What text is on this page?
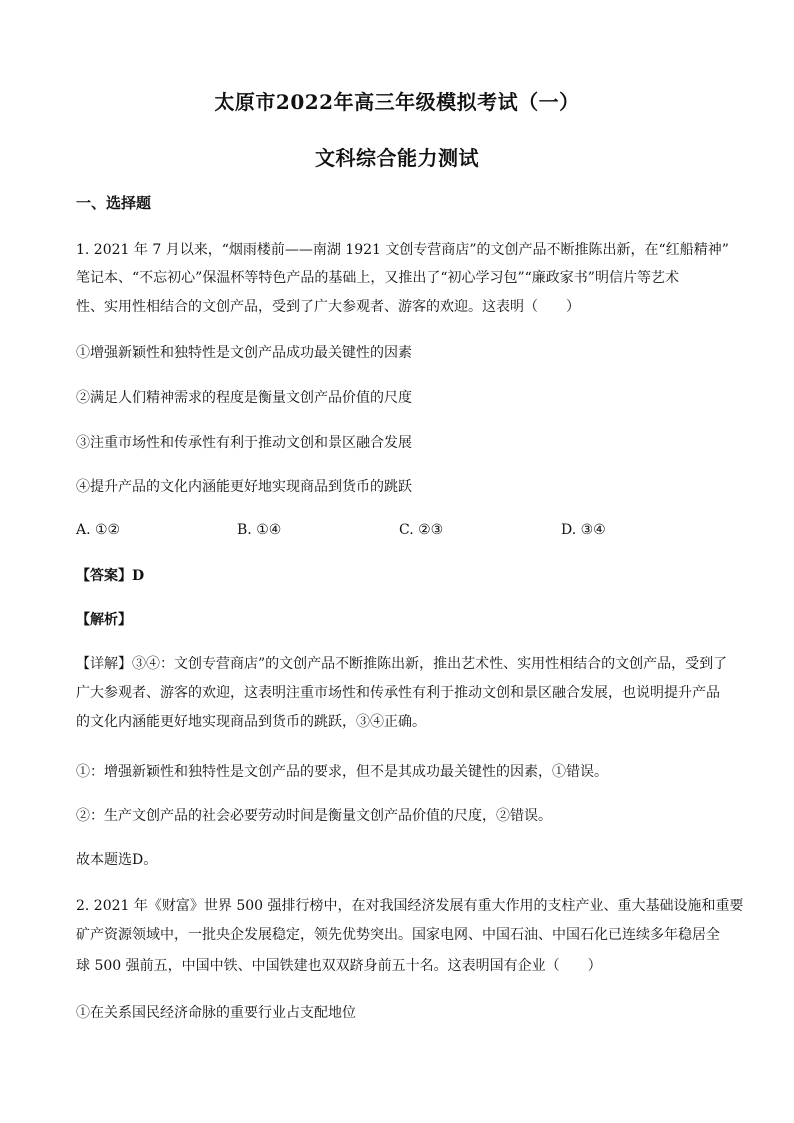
太原市2022年高三年级模拟考试（一）
文科综合能力测试
一、选择题
1. 2021 年 7 月以来，“烟雨楼前——南湖 1921 文创专营商店”的文创产品不断推陈出新，在“红船精神”
笔记本、“不忘初心”保温杯等特色产品的基础上，又推出了“初心学习包”“廉政家书”明信片等艺术
性、实用性相结合的文创产品，受到了广大参观者、游客的欢迎。这表明（　　）
①增强新颖性和独特性是文创产品成功最关键性的因素
②满足人们精神需求的程度是衡量文创产品价值的尺度
③注重市场性和传承性有利于推动文创和景区融合发展
④提升产品的文化内涵能更好地实现商品到货币的跳跃
A. ①②	B. ①④	C. ②③	D. ③④
【答案】D
【解析】
【详解】③④：文创专营商店”的文创产品不断推陈出新，推出艺术性、实用性相结合的文创产品，受到了
广大参观者、游客的欢迎，这表明注重市场性和传承性有利于推动文创和景区融合发展，也说明提升产品
的文化内涵能更好地实现商品到货币的跳跃，③④正确。
①：增强新颖性和独特性是文创产品的要求，但不是其成功最关键性的因素，①错误。
②：生产文创产品的社会必要劳动时间是衡量文创产品价值的尺度，②错误。
故本题选D。
2. 2021 年《财富》世界 500 强排行榜中，在对我国经济发展有重大作用的支柱产业、重大基础设施和重要
矿产资源领域中，一批央企发展稳定，领先优势突出。国家电网、中国石油、中国石化已连续多年稳居全
球 500 强前五，中国中铁、中国铁建也双双跻身前五十名。这表明国有企业（　　）
①在关系国民经济命脉的重要行业占支配地位
